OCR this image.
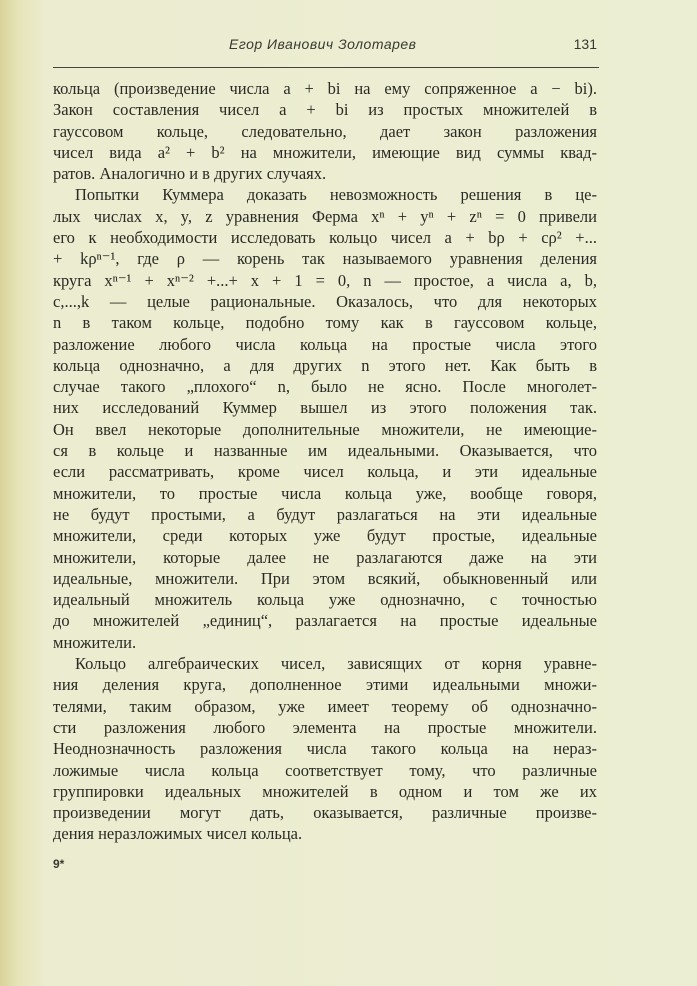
Егор Иванович Золотарев	131
кольца (произведение числа a + bi на ему сопряженное a − bi).
Закон составления чисел a + bi из простых множителей в
гауссовом кольце, следовательно, дает закон разложения
чисел вида a² + b² на множители, имеющие вид суммы квад-
ратов. Аналогично и в других случаях.
Попытки Куммера доказать невозможность решения в це-
лых числах x, y, z уравнения Ферма xⁿ + yⁿ + zⁿ = 0 привели
его к необходимости исследовать кольцо чисел a + bρ + cρ² +...
+ kρⁿ⁻¹, где ρ — корень так называемого уравнения деления
круга xⁿ⁻¹ + xⁿ⁻² +...+ x + 1 = 0, n — простое, а числа a, b,
c,...,k — целые рациональные. Оказалось, что для некоторых
n в таком кольце, подобно тому как в гауссовом кольце,
разложение любого числа кольца на простые числа этого
кольца однозначно, а для других n этого нет. Как быть в
случае такого „плохого“ n, было не ясно. После многолет-
них исследований Куммер вышел из этого положения так.
Он ввел некоторые дополнительные множители, не имеющие-
ся в кольце и названные им идеальными. Оказывается, что
если рассматривать, кроме чисел кольца, и эти идеальные
множители, то простые числа кольца уже, вообще говоря,
не будут простыми, а будут разлагаться на эти идеальные
множители, среди которых уже будут простые, идеальные
множители, которые далее не разлагаются даже на эти
идеальные, множители. При этом всякий, обыкновенный или
идеальный множитель кольца уже однозначно, с точностью
до множителей „единиц“, разлагается на простые идеальные
множители.
Кольцо алгебраических чисел, зависящих от корня уравне-
ния деления круга, дополненное этими идеальными множи-
телями, таким образом, уже имеет теорему об однозначно-
сти разложения любого элемента на простые множители.
Неоднозначность разложения числа такого кольца на нераз-
ложимые числа кольца соответствует тому, что различные
группировки идеальных множителей в одном и том же их
произведении могут дать, оказывается, различные произве-
дения неразложимых чисел кольца.
9*
